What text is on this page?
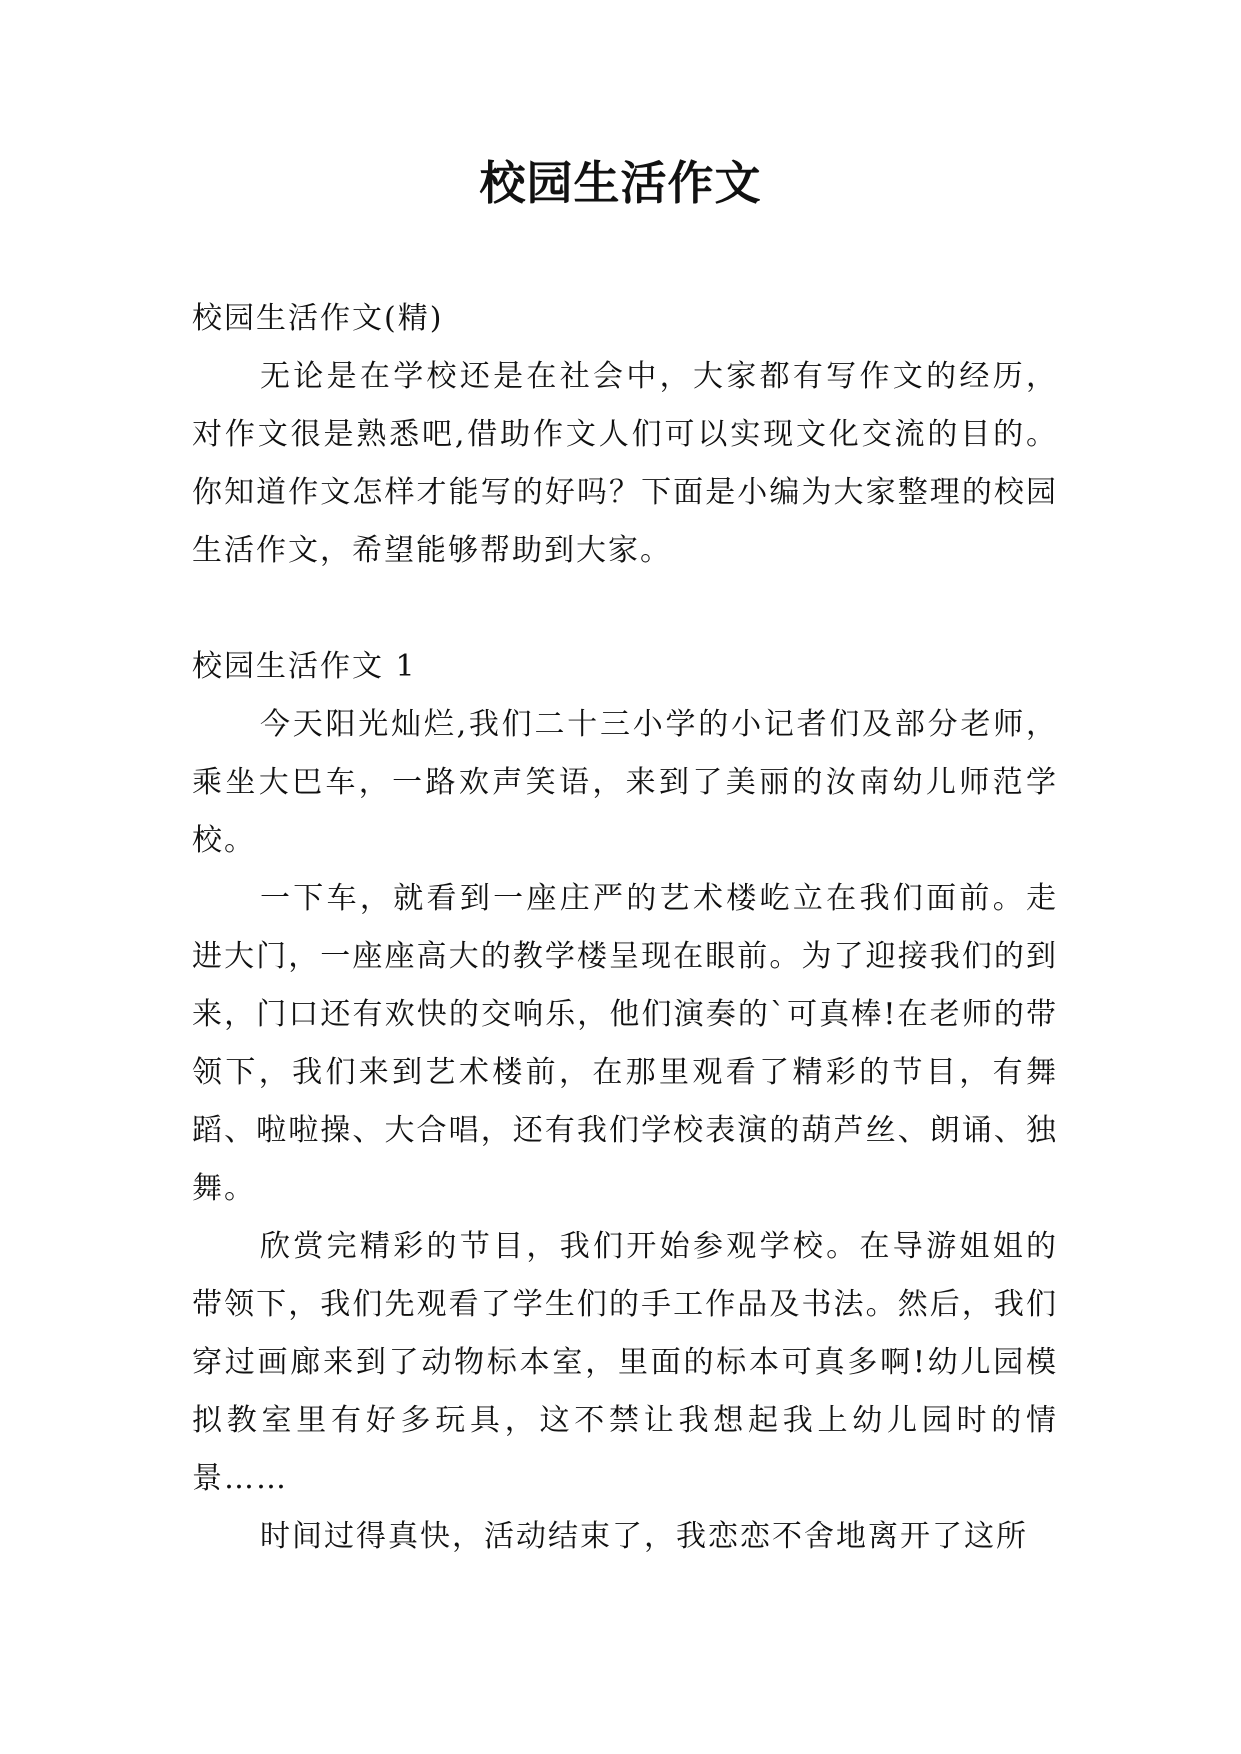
校园生活作文

校园生活作文(精)

无论是在学校还是在社会中，大家都有写作文的经历，对作文很是熟悉吧,借助作文人们可以实现文化交流的目的。你知道作文怎样才能写的好吗？下面是小编为大家整理的校园生活作文，希望能够帮助到大家。

校园生活作文 1

今天阳光灿烂,我们二十三小学的小记者们及部分老师，乘坐大巴车，一路欢声笑语，来到了美丽的汝南幼儿师范学校。

一下车，就看到一座庄严的艺术楼屹立在我们面前。走进大门，一座座高大的教学楼呈现在眼前。为了迎接我们的到来，门口还有欢快的交响乐，他们演奏的`可真棒!在老师的带领下，我们来到艺术楼前，在那里观看了精彩的节目，有舞蹈、啦啦操、大合唱，还有我们学校表演的葫芦丝、朗诵、独舞。

欣赏完精彩的节目，我们开始参观学校。在导游姐姐的带领下，我们先观看了学生们的手工作品及书法。然后，我们穿过画廊来到了动物标本室，里面的标本可真多啊!幼儿园模拟教室里有好多玩具，这不禁让我想起我上幼儿园时的情景……

时间过得真快，活动结束了，我恋恋不舍地离开了这所
